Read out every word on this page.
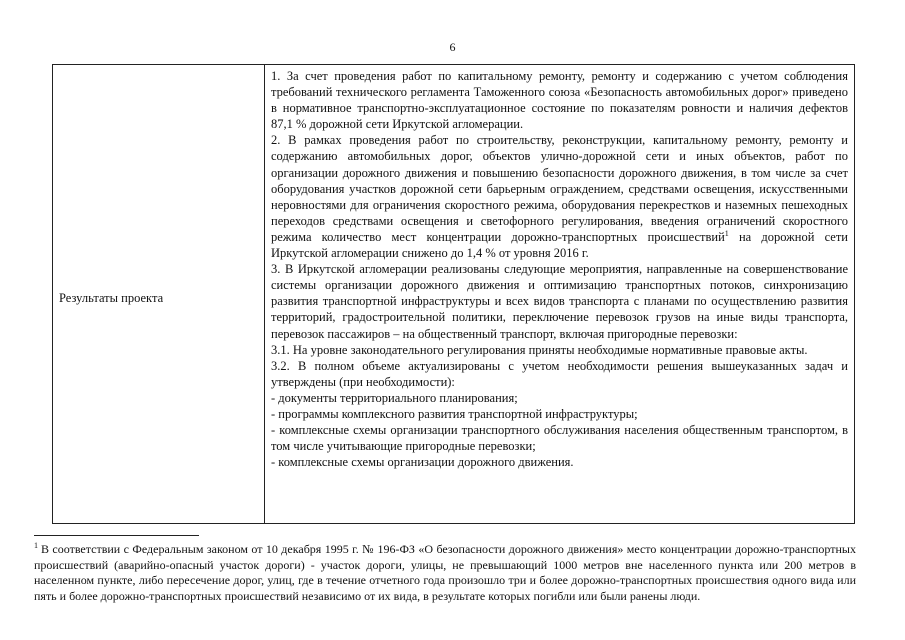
6
Результаты проекта

1. За счет проведения работ по капитальному ремонту, ремонту и содержанию с учетом соблюдения требований технического регламента Таможенного союза «Безопасность автомобильных дорог» приведено в нормативное транспортно-эксплуатационное состояние по показателям ровности и наличия дефектов 87,1 % дорожной сети Иркутской агломерации.

2. В рамках проведения работ по строительству, реконструкции, капитальному ремонту, ремонту и содержанию автомобильных дорог, объектов улично-дорожной сети и иных объектов, работ по организации дорожного движения и повышению безопасности дорожного движения, в том числе за счет оборудования участков дорожной сети барьерным ограждением, средствами освещения, искусственными неровностями для ограничения скоростного режима, оборудования перекрестков и наземных пешеходных переходов средствами освещения и светофорного регулирования, введения ограничений скоростного режима количество мест концентрации дорожно-транспортных происшествий$^1$ на дорожной сети Иркутской агломерации снижено до 1,4 % от уровня 2016 г.

3. В Иркутской агломерации реализованы следующие мероприятия, направленные на совершенствование системы организации дорожного движения и оптимизацию транспортных потоков, синхронизацию развития транспортной инфраструктуры и всех видов транспорта с планами по осуществлению развития территорий, градостроительной политики, переключение перевозок грузов на иные виды транспорта, перевозок пассажиров – на общественный транспорт, включая пригородные перевозки:

3.1. На уровне законодательного регулирования приняты необходимые нормативные правовые акты.

3.2. В полном объеме актуализированы с учетом необходимости решения вышеуказанных задач и утверждены (при необходимости):

- документы территориального планирования;

- программы комплексного развития транспортной инфраструктуры;

- комплексные схемы организации транспортного обслуживания населения общественным транспортом, в том числе учитывающие пригородные перевозки;

- комплексные схемы организации дорожного движения.

$^1$ В соответствии с Федеральным законом от 10 декабря 1995 г. № 196-ФЗ «О безопасности дорожного движения» место концентрации дорожно-транспортных происшествий (аварийно-опасный участок дороги) - участок дороги, улицы, не превышающий 1000 метров вне населенного пункта или 200 метров в населенном пункте, либо пересечение дорог, улиц, где в течение отчетного года произошло три и более дорожно-транспортных происшествия одного вида или пять и более дорожно-транспортных происшествий независимо от их вида, в результате которых погибли или были ранены люди.
